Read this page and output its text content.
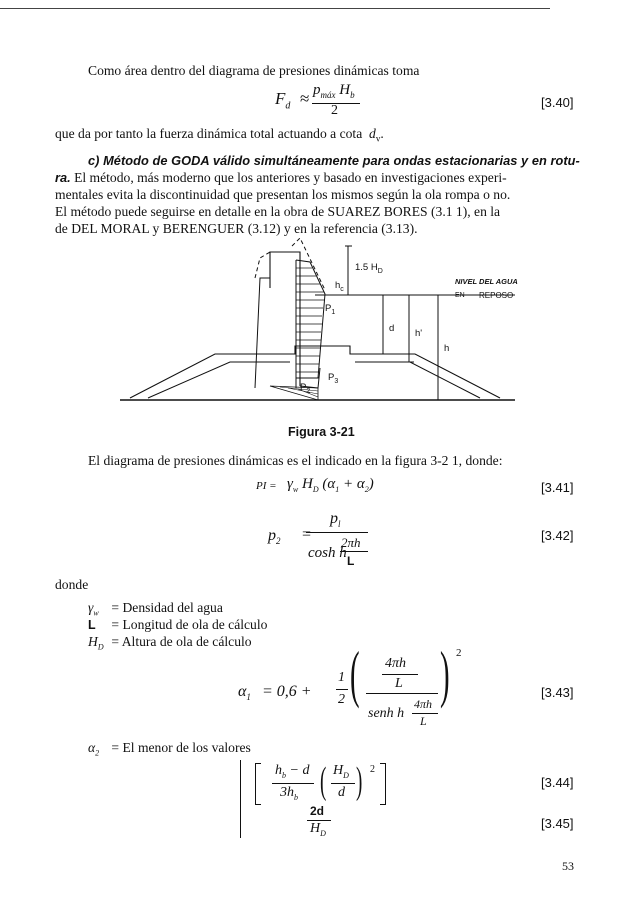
Como área dentro del diagrama de presiones dinámicas toma
$F_d \approx p_{máx}$ $H_b$
2
[3.40]
que da por tanto la fuerza dinámica total actuando a cota $d_v$.
c) Método de GODA válido simultáneamente para ondas estacionarias y en rotu-
ra. El método, más moderno que los anteriores y basado en investigaciones experi-
mentales evita la discontinuidad que presentan los mismos según la ola rompa o no.
El método puede seguirse en detalle en la obra de SUAREZ BORES (3.1 1), en la
de DEL MORAL y BERENGUER (3.12) y en la referencia (3.13).
1.5 $H_D$
$h_c$
$P_1$
$P_2$
$P_3$
d h'
h
NIVEL DEL AGUA
EN REPOSO
Figura 3-21
El diagrama de presiones dinámicas es el indicado en la figura 3-2 1, donde:
PI = $\gamma_w$ $H_D$ $(\alpha_1 + \alpha_2)$	[3.41]
$p_2$ =
$p_l$
cosh h
2πh
L
[3.42]
donde
$\gamma_w$ = Densidad del agua
L = Longitud de ola de cálculo
$H_D$ = Altura de ola de cálculo
$\alpha_1 = 0,6$ +
1
2 ( 4πh
L
senh h
4πh
L
) 2
[3.43]
$\alpha_2 = El$ menor de los valores
$h_b - d$
$3h_b$ ( $H_D$
d ) 2
[3.44]
2d
$H_D$
[3.45]
53
